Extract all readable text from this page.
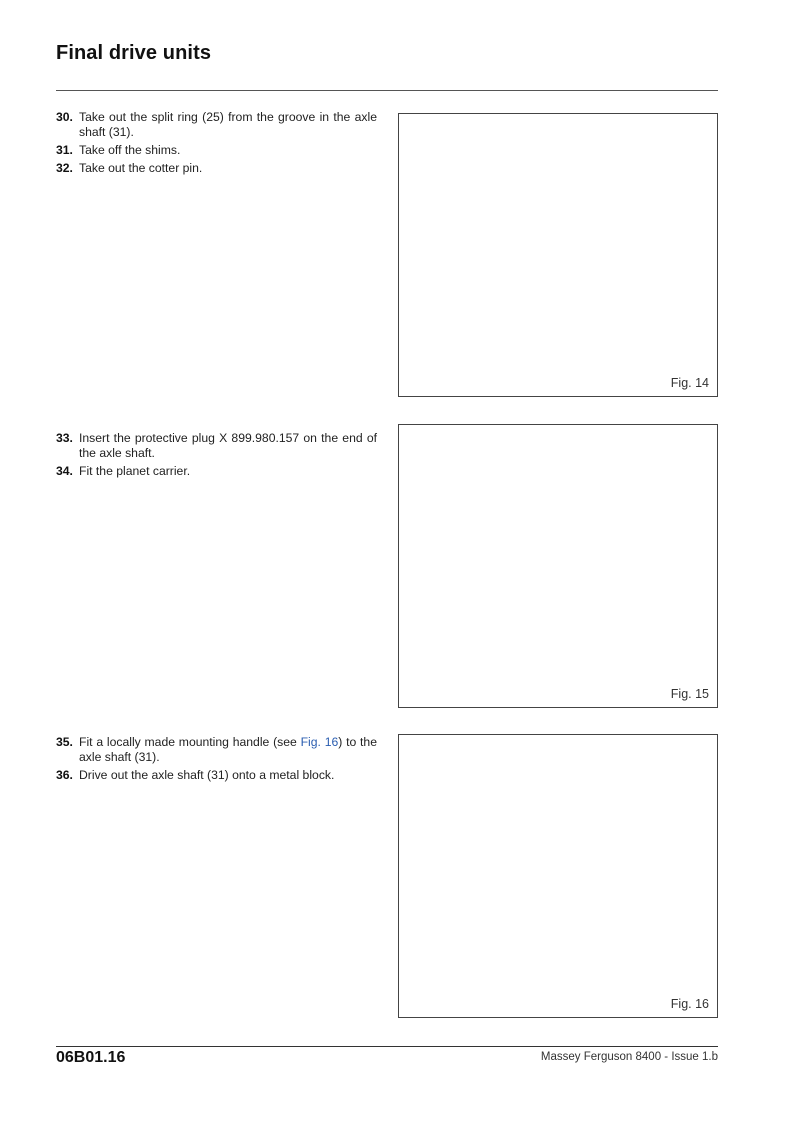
Final drive units
30. Take out the split ring (25) from the groove in the axle shaft (31).
31. Take off the shims.
32. Take out the cotter pin.
Fig. 14
33. Insert the protective plug X 899.980.157 on the end of the axle shaft.
34. Fit the planet carrier.
Fig. 15
35. Fit a locally made mounting handle (see Fig. 16) to the axle shaft (31).
36. Drive out the axle shaft (31) onto a metal block.
Fig. 16
06B01.16	Massey Ferguson 8400 - Issue 1.b
